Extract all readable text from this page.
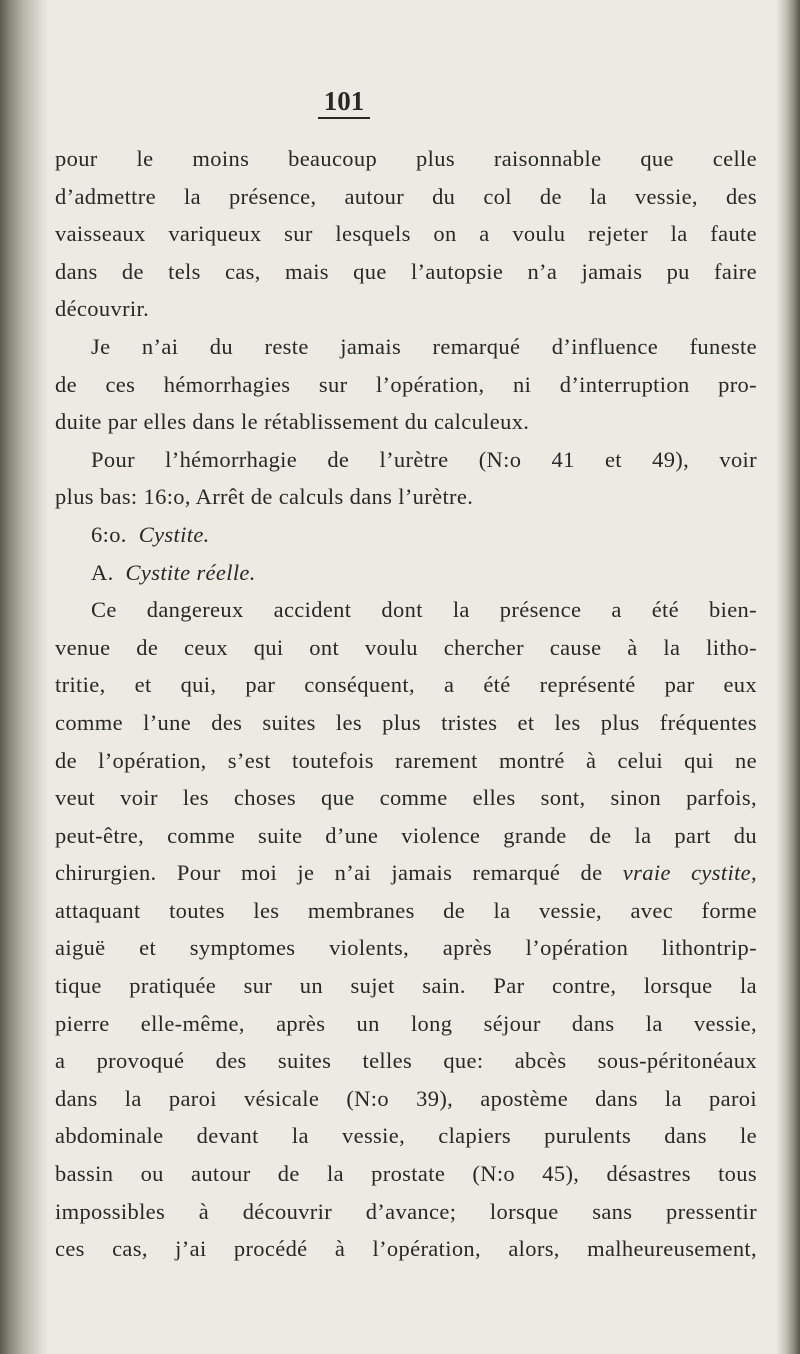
101
pour le moins beaucoup plus raisonnable que celle
d’admettre la présence, autour du col de la vessie, des
vaisseaux variqueux sur lesquels on a voulu rejeter la faute
dans de tels cas, mais que l’autopsie n’a jamais pu faire
découvrir.
Je n’ai du reste jamais remarqué d’influence funeste
de ces hémorrhagies sur l’opération, ni d’interruption pro-
duite par elles dans le rétablissement du calculeux.
Pour l’hémorrhagie de l’urètre (N:o 41 et 49), voir
plus bas: 16:o, Arrêt de calculs dans l’urètre.
6:o. Cystite.
A. Cystite réelle.
Ce dangereux accident dont la présence a été bien-
venue de ceux qui ont voulu chercher cause à la litho-
tritie, et qui, par conséquent, a été représenté par eux
comme l’une des suites les plus tristes et les plus fréquentes
de l’opération, s’est toutefois rarement montré à celui qui ne
veut voir les choses que comme elles sont, sinon parfois,
peut-être, comme suite d’une violence grande de la part du
chirurgien. Pour moi je n’ai jamais remarqué de vraie cystite,
attaquant toutes les membranes de la vessie, avec forme
aiguë et symptomes violents, après l’opération lithontrip-
tique pratiquée sur un sujet sain. Par contre, lorsque la
pierre elle-même, après un long séjour dans la vessie,
a provoqué des suites telles que: abcès sous-péritonéaux
dans la paroi vésicale (N:o 39), apostème dans la paroi
abdominale devant la vessie, clapiers purulents dans le
bassin ou autour de la prostate (N:o 45), désastres tous
impossibles à découvrir d’avance; lorsque sans pressentir
ces cas, j’ai procédé à l’opération, alors, malheureusement,
